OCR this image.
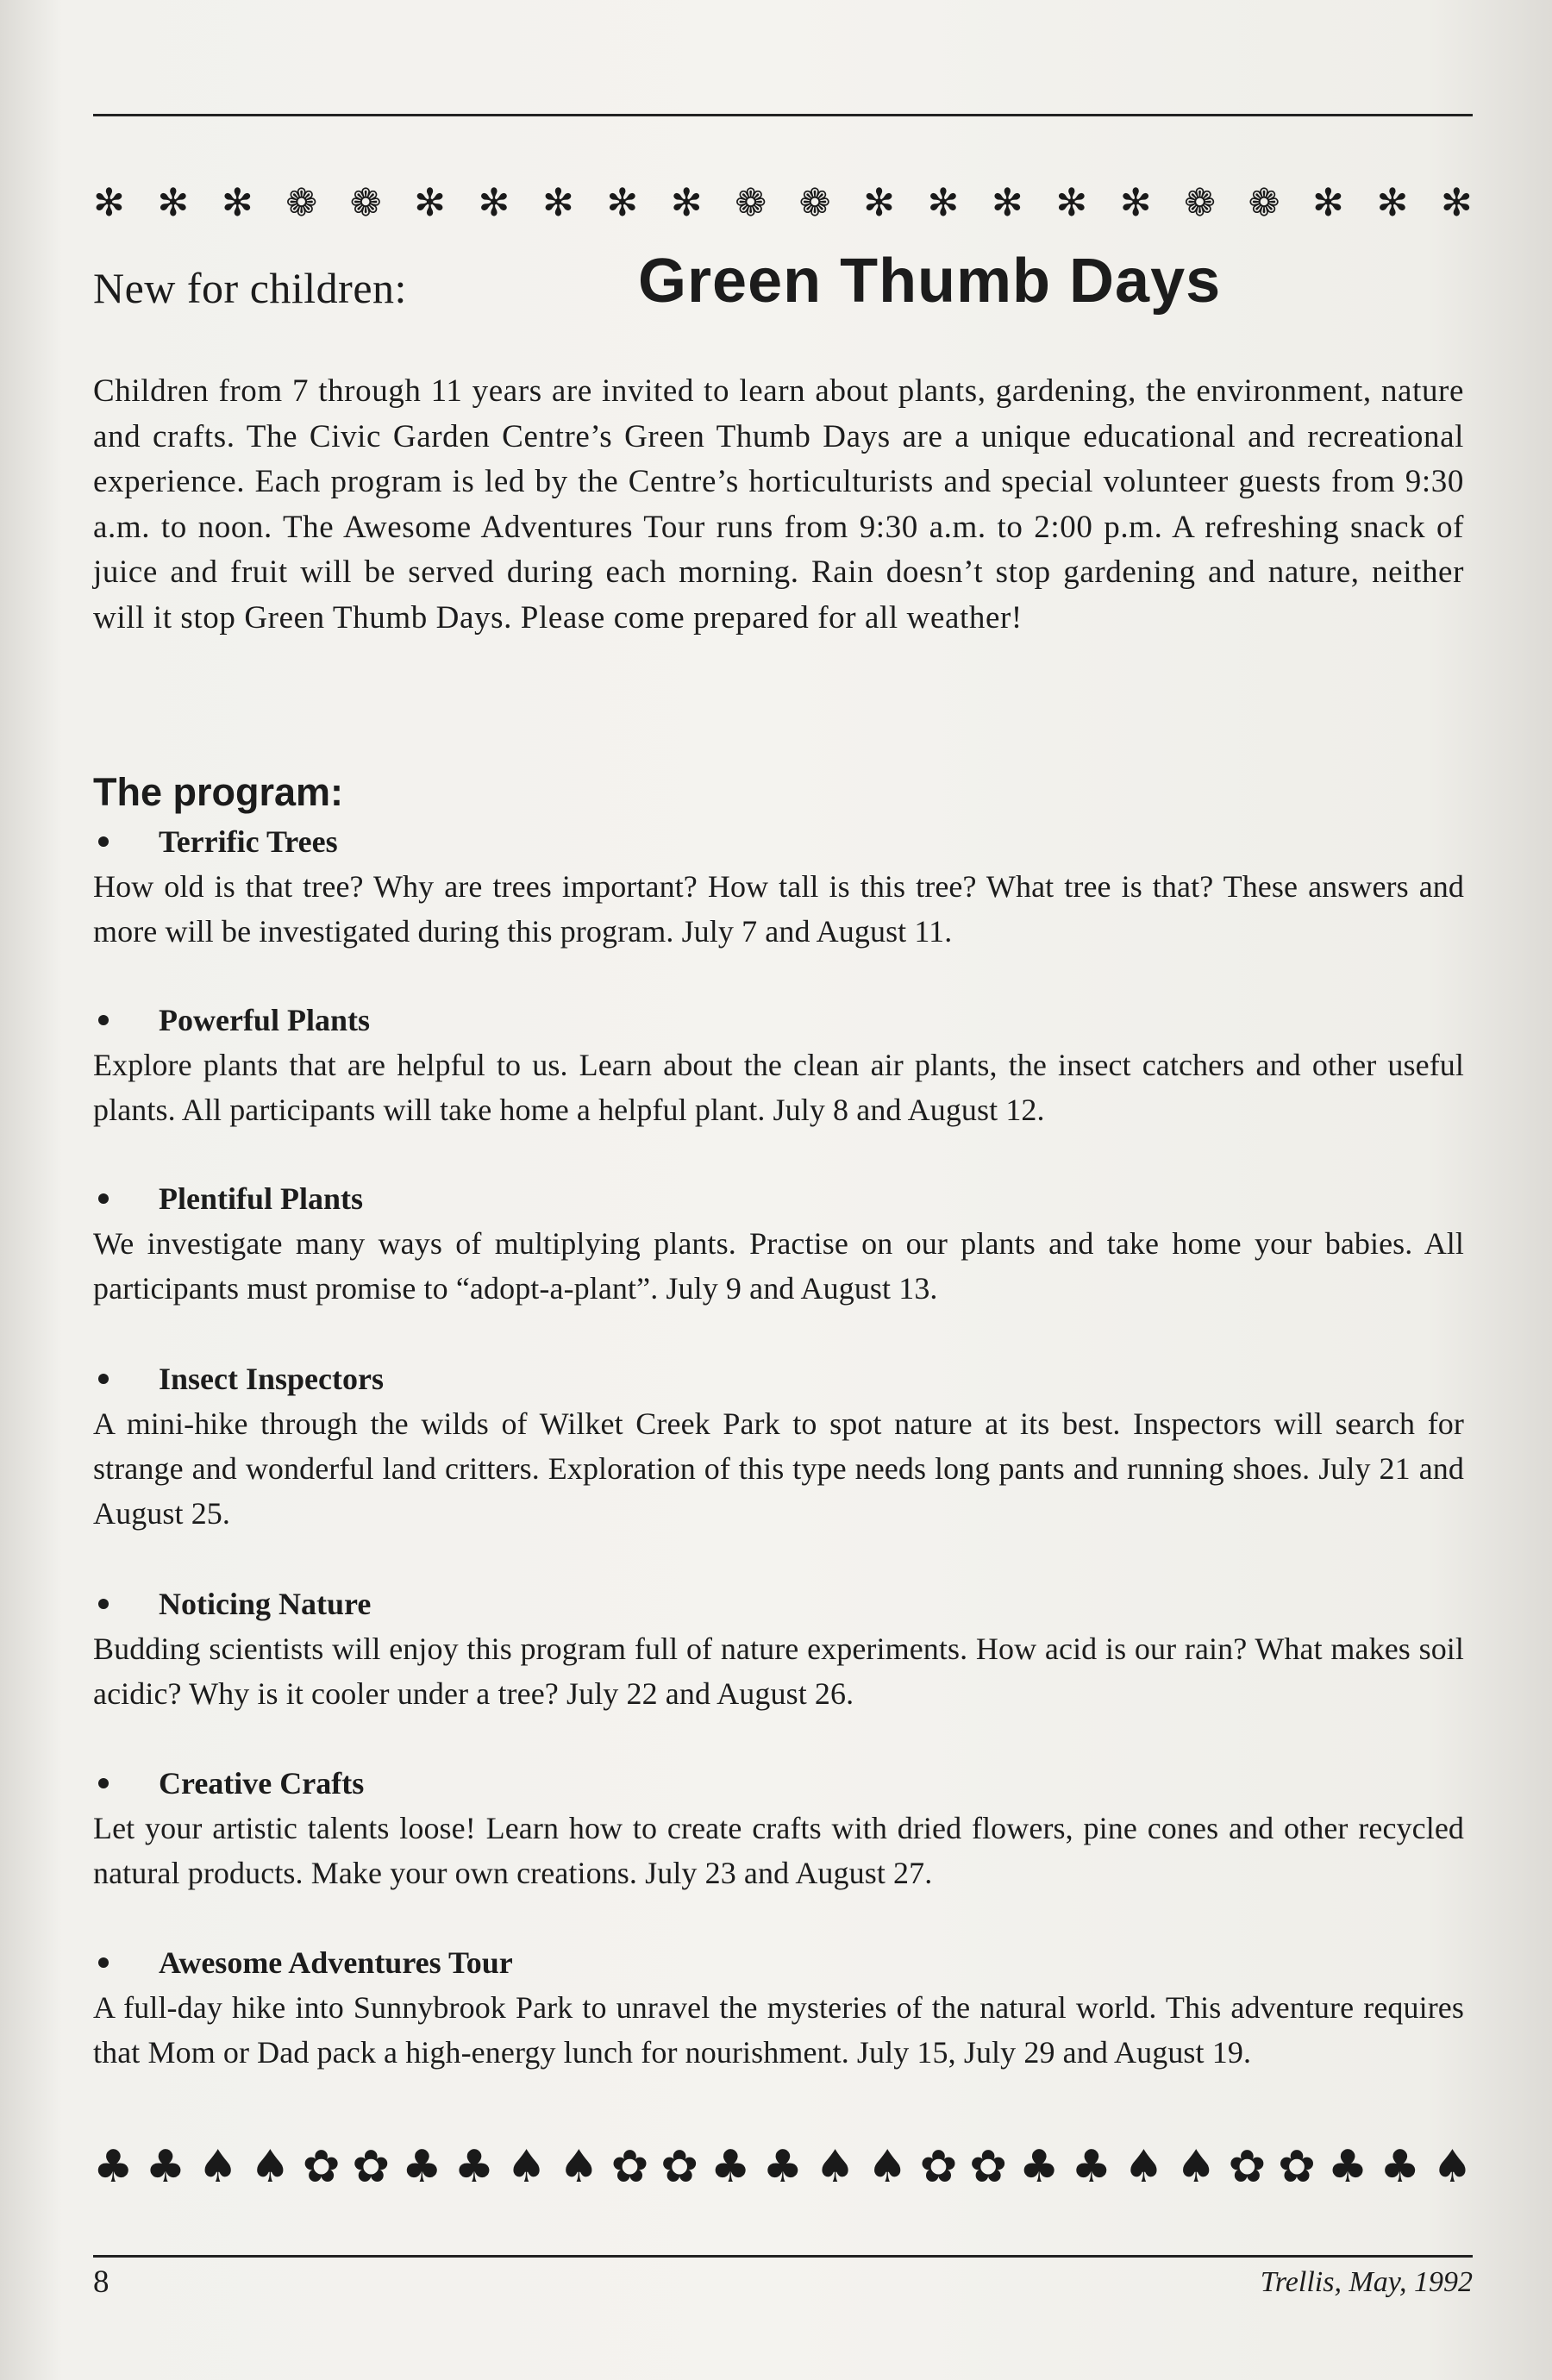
✻ ✻ ✻ ❁ ❁ ✻ ✻ ✻ ✻ ✻ ❁ ❁ ✻ ✻ ✻ ✻ ✻ ❁ ❁ ✻ ✻ ✻
New for children:	Green Thumb Days
Children from 7 through 11 years are invited to learn about plants, gardening, the environment, nature and crafts. The Civic Garden Centre’s Green Thumb Days are a unique educational and recreational experience. Each program is led by the Centre’s horticulturists and special volunteer guests from 9:30 a.m. to noon. The Awesome Adventures Tour runs from 9:30 a.m. to 2:00 p.m. A refreshing snack of juice and fruit will be served during each morning. Rain doesn’t stop gardening and nature, neither will it stop Green Thumb Days. Please come prepared for all weather!
The program:
Terrific Trees
How old is that tree? Why are trees important? How tall is this tree? What tree is that? These answers and more will be investigated during this program. July 7 and August 11.
Powerful Plants
Explore plants that are helpful to us. Learn about the clean air plants, the insect catchers and other useful plants. All participants will take home a helpful plant. July 8 and August 12.
Plentiful Plants
We investigate many ways of multiplying plants. Practise on our plants and take home your babies. All participants must promise to “adopt-a-plant”. July 9 and August 13.
Insect Inspectors
A mini-hike through the wilds of Wilket Creek Park to spot nature at its best. Inspectors will search for strange and wonderful land critters. Exploration of this type needs long pants and running shoes. July 21 and August 25.
Noticing Nature
Budding scientists will enjoy this program full of nature experiments. How acid is our rain? What makes soil acidic? Why is it cooler under a tree? July 22 and August 26.
Creative Crafts
Let your artistic talents loose! Learn how to create crafts with dried flowers, pine cones and other recycled natural products. Make your own creations. July 23 and August 27.
Awesome Adventures Tour
A full-day hike into Sunnybrook Park to unravel the mysteries of the natural world. This adventure requires that Mom or Dad pack a high-energy lunch for nourishment. July 15, July 29 and August 19.
♣ ♣ ♠ ♠ ✿ ✿ ♣ ♣ ♠ ♠ ✿ ✿ ♣ ♣ ♠ ♠ ✿ ✿ ♣ ♣ ♠ ♠ ✿ ✿ ♣ ♣ ♠
8	Trellis, May, 1992
